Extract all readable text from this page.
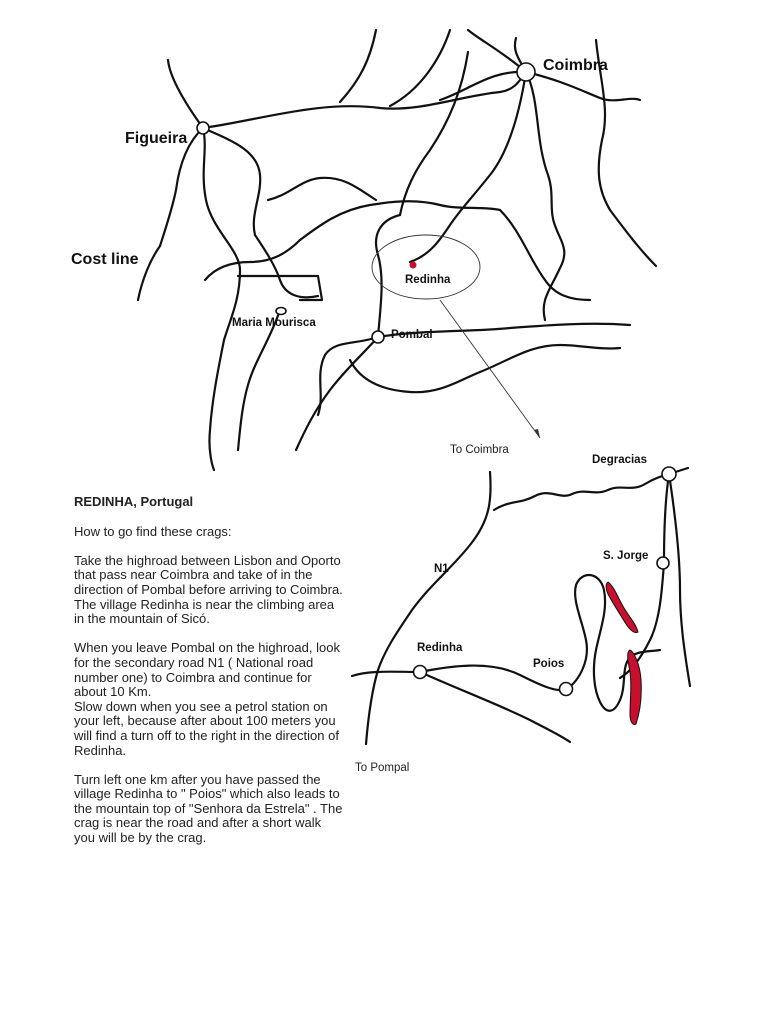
Coimbra
Figueira
Cost line
Redinha
Maria Mourisca
Pombal
To Coimbra
Degracias
S. Jorge
N1
Redinha
Poios
To Pompal
REDINHA, Portugal

How to go find these crags:

Take the highroad between Lisbon and Oporto that pass near Coimbra and take of in the direction of Pombal before arriving to Coimbra. The village Redinha is near the climbing area in the mountain of Sicó.

When you leave Pombal on the highroad, look for the secondary road N1 ( National road number one) to Coimbra and continue for about 10 Km.

Slow down when you see a petrol station on your left, because after about 100 meters you will find a turn off to the right in the direction of Redinha.

Turn left one km after you have passed the village Redinha to " Poios" which also leads to the mountain top of "Senhora da Estrela" . The crag is near the road and after a short walk you will be by the crag.
